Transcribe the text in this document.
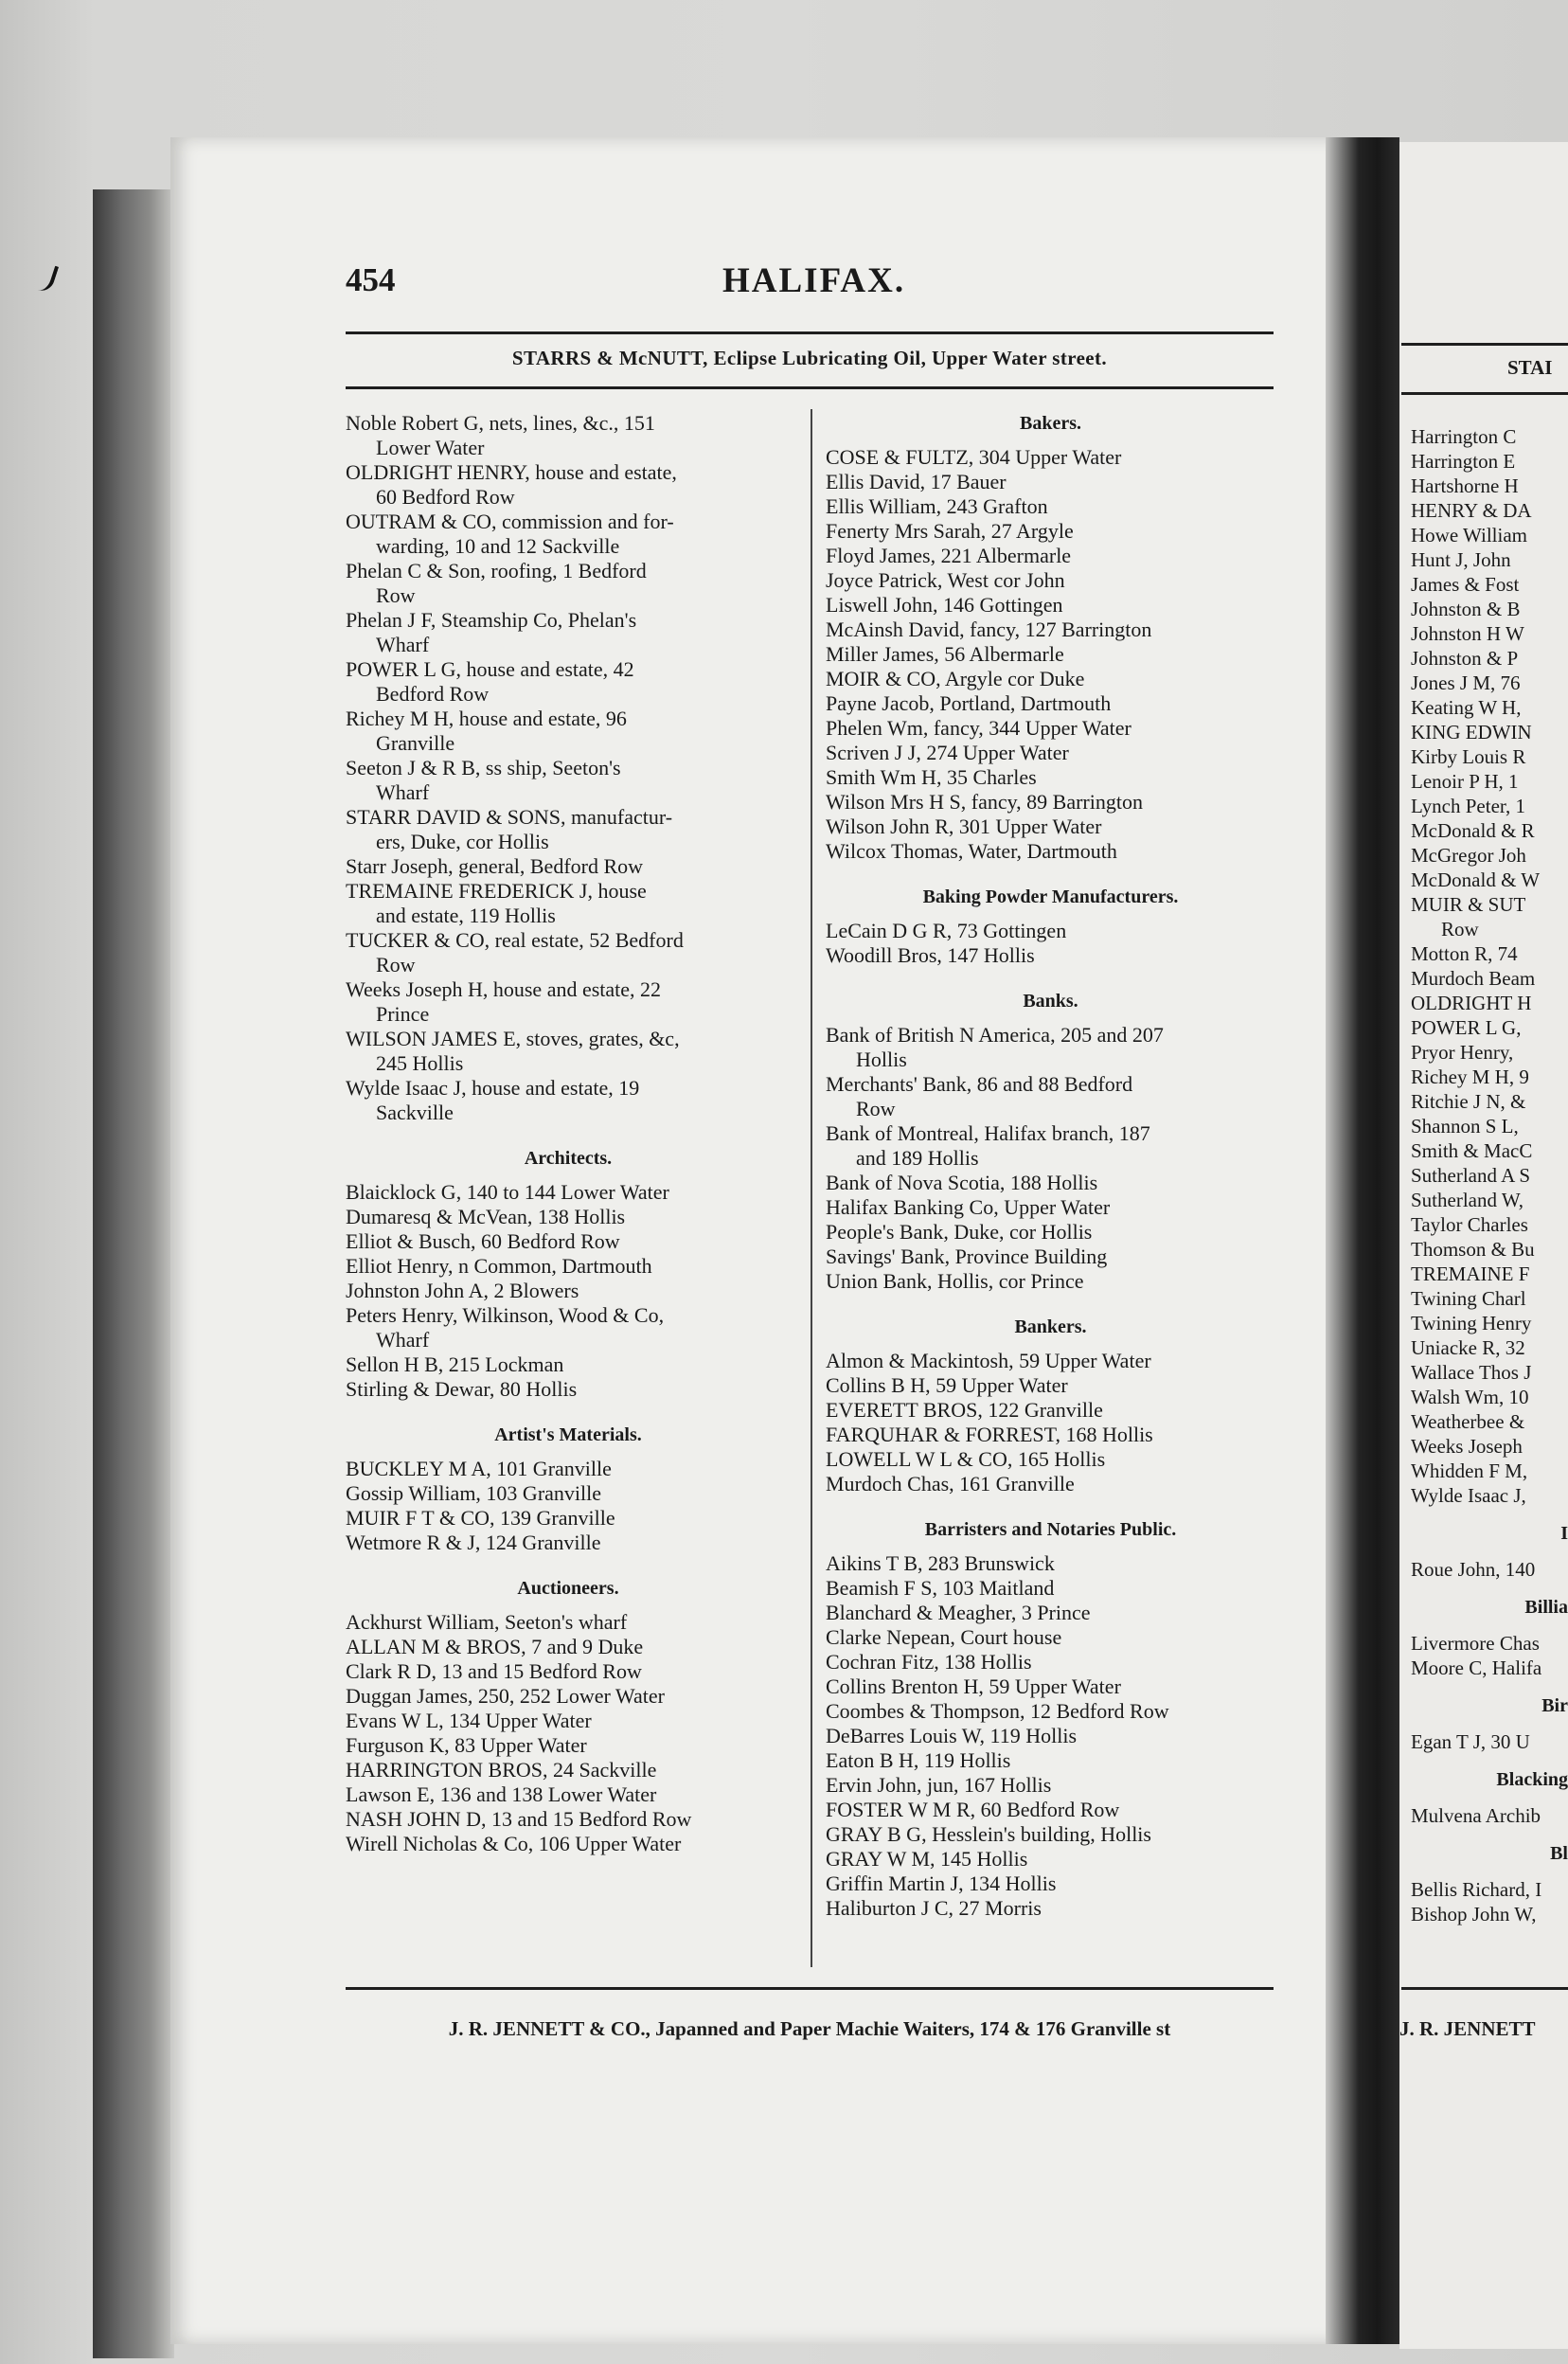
454	HALIFAX.
STARRS & McNUTT, Eclipse Lubricating Oil, Upper Water street.
Noble Robert G, nets, lines, &c., 151
Lower Water
OLDRIGHT HENRY, house and estate,
60 Bedford Row
OUTRAM & CO, commission and for-
warding, 10 and 12 Sackville
Phelan C & Son, roofing, 1 Bedford
Row
Phelan J F, Steamship Co, Phelan's
Wharf
POWER L G, house and estate, 42
Bedford Row
Richey M H, house and estate, 96
Granville
Seeton J & R B, ss ship, Seeton's
Wharf
STARR DAVID & SONS, manufactur-
ers, Duke, cor Hollis
Starr Joseph, general, Bedford Row
TREMAINE FREDERICK J, house
and estate, 119 Hollis
TUCKER & CO, real estate, 52 Bedford
Row
Weeks Joseph H, house and estate, 22
Prince
WILSON JAMES E, stoves, grates, &c,
245 Hollis
Wylde Isaac J, house and estate, 19
Sackville
Architects.
Blaicklock G, 140 to 144 Lower Water
Dumaresq & McVean, 138 Hollis
Elliot & Busch, 60 Bedford Row
Elliot Henry, n Common, Dartmouth
Johnston John A, 2 Blowers
Peters Henry, Wilkinson, Wood & Co,
Wharf
Sellon H B, 215 Lockman
Stirling & Dewar, 80 Hollis
Artist's Materials.
BUCKLEY M A, 101 Granville
Gossip William, 103 Granville
MUIR F T & CO, 139 Granville
Wetmore R & J, 124 Granville
Auctioneers.
Ackhurst William, Seeton's wharf
ALLAN M & BROS, 7 and 9 Duke
Clark R D, 13 and 15 Bedford Row
Duggan James, 250, 252 Lower Water
Evans W L, 134 Upper Water
Furguson K, 83 Upper Water
HARRINGTON BROS, 24 Sackville
Lawson E, 136 and 138 Lower Water
NASH JOHN D, 13 and 15 Bedford Row
Wirell Nicholas & Co, 106 Upper Water
Bakers.
COSE & FULTZ, 304 Upper Water
Ellis David, 17 Bauer
Ellis William, 243 Grafton
Fenerty Mrs Sarah, 27 Argyle
Floyd James, 221 Albermarle
Joyce Patrick, West cor John
Liswell John, 146 Gottingen
McAinsh David, fancy, 127 Barrington
Miller James, 56 Albermarle
MOIR & CO, Argyle cor Duke
Payne Jacob, Portland, Dartmouth
Phelen Wm, fancy, 344 Upper Water
Scriven J J, 274 Upper Water
Smith Wm H, 35 Charles
Wilson Mrs H S, fancy, 89 Barrington
Wilson John R, 301 Upper Water
Wilcox Thomas, Water, Dartmouth
Baking Powder Manufacturers.
LeCain D G R, 73 Gottingen
Woodill Bros, 147 Hollis
Banks.
Bank of British N America, 205 and 207
Hollis
Merchants' Bank, 86 and 88 Bedford
Row
Bank of Montreal, Halifax branch, 187
and 189 Hollis
Bank of Nova Scotia, 188 Hollis
Halifax Banking Co, Upper Water
People's Bank, Duke, cor Hollis
Savings' Bank, Province Building
Union Bank, Hollis, cor Prince
Bankers.
Almon & Mackintosh, 59 Upper Water
Collins B H, 59 Upper Water
EVERETT BROS, 122 Granville
FARQUHAR & FORREST, 168 Hollis
LOWELL W L & CO, 165 Hollis
Murdoch Chas, 161 Granville
Barristers and Notaries Public.
Aikins T B, 283 Brunswick
Beamish F S, 103 Maitland
Blanchard & Meagher, 3 Prince
Clarke Nepean, Court house
Cochran Fitz, 138 Hollis
Collins Brenton H, 59 Upper Water
Coombes & Thompson, 12 Bedford Row
DeBarres Louis W, 119 Hollis
Eaton B H, 119 Hollis
Ervin John, jun, 167 Hollis
FOSTER W M R, 60 Bedford Row
GRAY B G, Hesslein's building, Hollis
GRAY W M, 145 Hollis
Griffin Martin J, 134 Hollis
Haliburton J C, 27 Morris
J. R. JENNETT & CO., Japanned and Paper Machie Waiters, 174 & 176 Granville st
STAI
Harrington C
Harrington E
Hartshorne H
HENRY & DA
Howe William
Hunt J, John
James & Fost
Johnston & B
Johnston H W
Johnston & P
Jones J M, 76
Keating W H,
KING EDWIN
Kirby Louis R
Lenoir P H, 1
Lynch Peter, 1
McDonald & R
McGregor Joh
McDonald & W
MUIR & SUT
Row
Motton R, 74
Murdoch Beam
OLDRIGHT H
POWER L G,
Pryor Henry,
Richey M H, 9
Ritchie J N, &
Shannon S L,
Smith & MacC
Sutherland A S
Sutherland W,
Taylor Charles
Thomson & Bu
TREMAINE F
Twining Charl
Twining Henry
Uniacke R, 32
Wallace Thos J
Walsh Wm, 10
Weatherbee &
Weeks Joseph
Whidden F M,
Wylde Isaac J,
I
Roue John, 140
Billia
Livermore Chas
Moore C, Halifa
Bir
Egan T J, 30 U
Blacking
Mulvena Archib
Bl
Bellis Richard, I
Bishop John W,
J. R. JENNETT
